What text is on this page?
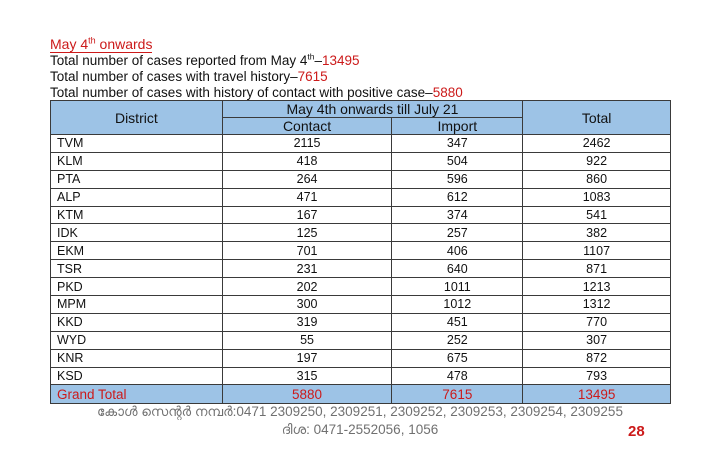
May 4th onwards
Total number of cases reported from May 4th–13495
Total number of cases with travel history–7615
Total number of cases with history of contact with positive case–5880
District	May 4th onwards till July 21		Total
	Contact	Import	
TVM	2115	347	2462
KLM	418	504	922
PTA	264	596	860
ALP	471	612	1083
KTM	167	374	541
IDK	125	257	382
EKM	701	406	1107
TSR	231	640	871
PKD	202	1011	1213
MPM	300	1012	1312
KKD	319	451	770
WYD	55	252	307
KNR	197	675	872
KSD	315	478	793
Grand Total	5880	7615	13495
കോൾ സെന്റർ നമ്പർ:0471 2309250, 2309251, 2309252, 2309253, 2309254, 2309255
ദിശ: 0471-2552056, 1056	28
